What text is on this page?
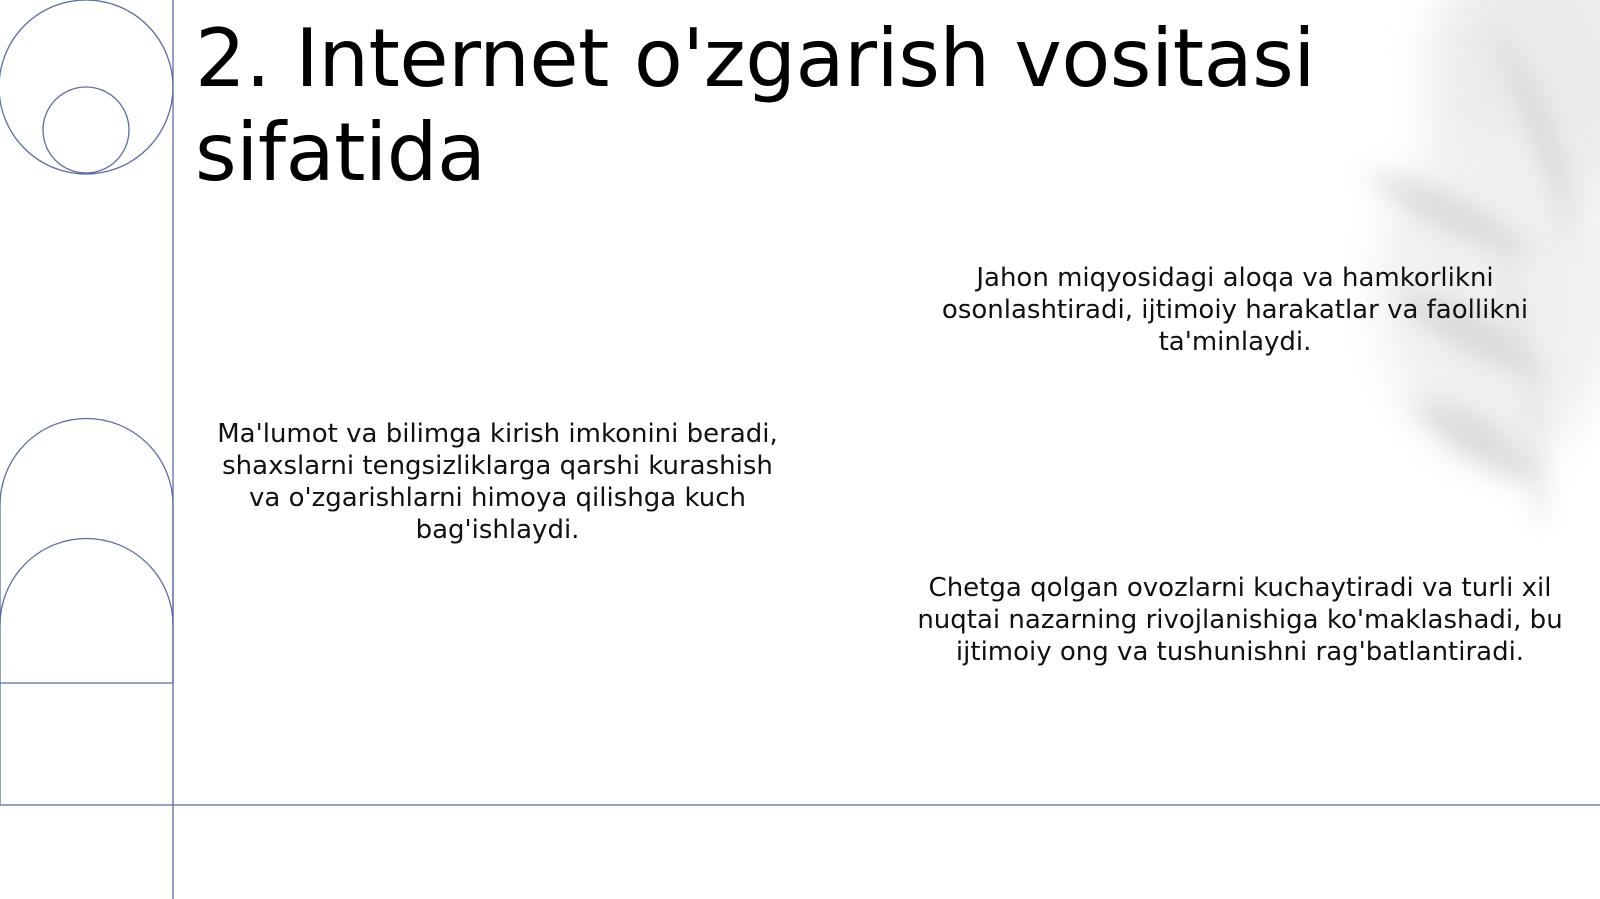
2. Internet o'zgarish vositasi sifatida

Ma'lumot va bilimga kirish imkonini beradi, shaxslarni tengsizliklarga qarshi kurashish va o'zgarishlarni himoya qilishga kuch bag'ishlaydi.

Jahon miqyosidagi aloqa va hamkorlikni osonlashtiradi, ijtimoiy harakatlar va faollikni ta'minlaydi.

Chetga qolgan ovozlarni kuchaytiradi va turli xil nuqtai nazarning rivojlanishiga ko'maklashadi, bu ijtimoiy ong va tushunishni rag'batlantiradi.
